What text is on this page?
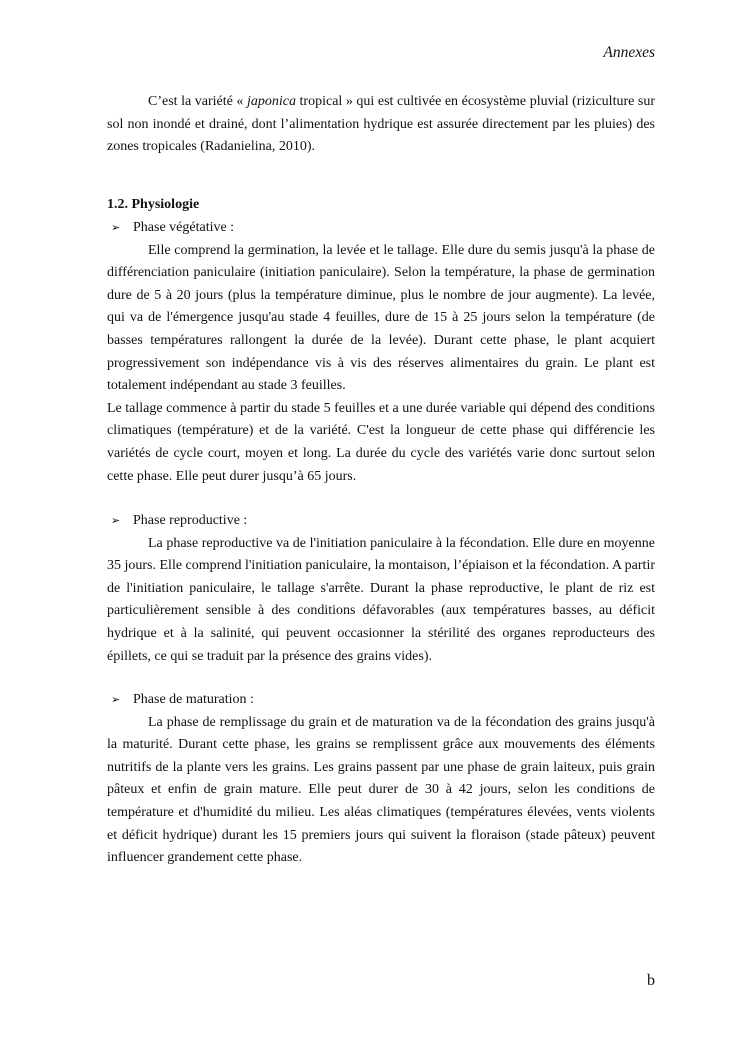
Annexes

C’est la variété « japonica tropical » qui est cultivée en écosystème pluvial (riziculture sur sol non inondé et drainé, dont l’alimentation hydrique est assurée directement par les pluies) des zones tropicales (Radanielina, 2010).

1.2. Physiologie
➢ Phase végétative :

Elle comprend la germination, la levée et le tallage. Elle dure du semis jusqu'à la phase de différenciation paniculaire (initiation paniculaire). Selon la température, la phase de germination dure de 5 à 20 jours (plus la température diminue, plus le nombre de jour augmente). La levée, qui va de l'émergence jusqu'au stade 4 feuilles, dure de 15 à 25 jours selon la température (de basses températures rallongent la durée de la levée). Durant cette phase, le plant acquiert progressivement son indépendance vis à vis des réserves alimentaires du grain. Le plant est totalement indépendant au stade 3 feuilles.

Le tallage commence à partir du stade 5 feuilles et a une durée variable qui dépend des conditions climatiques (température) et de la variété. C'est la longueur de cette phase qui différencie les variétés de cycle court, moyen et long. La durée du cycle des variétés varie donc surtout selon cette phase. Elle peut durer jusqu’à 65 jours.

➢ Phase reproductive :

La phase reproductive va de l'initiation paniculaire à la fécondation. Elle dure en moyenne 35 jours. Elle comprend l'initiation paniculaire, la montaison, l’épiaison et la fécondation. A partir de l'initiation paniculaire, le tallage s'arrête. Durant la phase reproductive, le plant de riz est particulièrement sensible à des conditions défavorables (aux températures basses, au déficit hydrique et à la salinité, qui peuvent occasionner la stérilité des organes reproducteurs des épillets, ce qui se traduit par la présence des grains vides).

➢ Phase de maturation :

La phase de remplissage du grain et de maturation va de la fécondation des grains jusqu'à la maturité. Durant cette phase, les grains se remplissent grâce aux mouvements des éléments nutritifs de la plante vers les grains. Les grains passent par une phase de grain laiteux, puis grain pâteux et enfin de grain mature. Elle peut durer de 30 à 42 jours, selon les conditions de température et d'humidité du milieu. Les aléas climatiques (températures élevées, vents violents et déficit hydrique) durant les 15 premiers jours qui suivent la floraison (stade pâteux) peuvent influencer grandement cette phase.

b
